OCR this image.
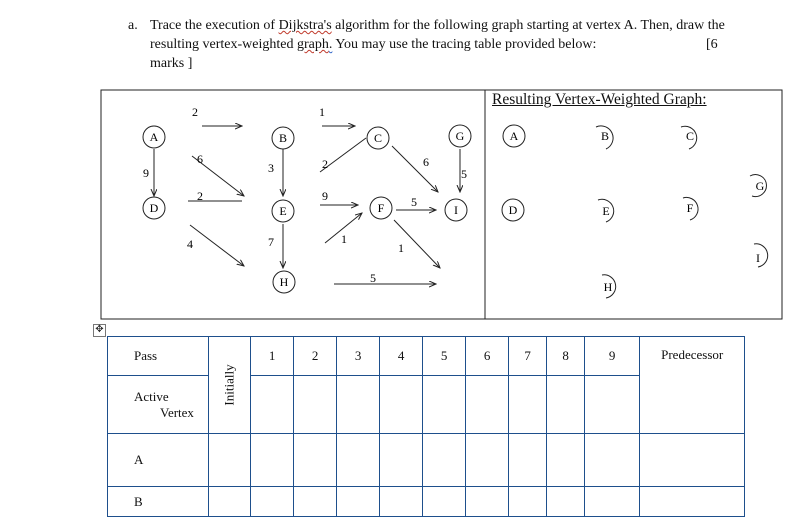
a. Trace the execution of Dijkstra's algorithm for the following graph starting at vertex A. Then, draw the
resulting vertex-weighted graph. You may use the tracing table provided below:	[6
marks ]
A	B	C	G
D	E	F	I
H
2	1
6
9	3	2	6
5
2	9	5
4	7	1
1
5
A	B	C
G
D	E	F
I
H
Resulting Vertex-Weighted Graph:
✥
Pass	Initially	1	2	3	4	5	6	7	8	9	Predecessor

Active
Vertex											

A											
B											
